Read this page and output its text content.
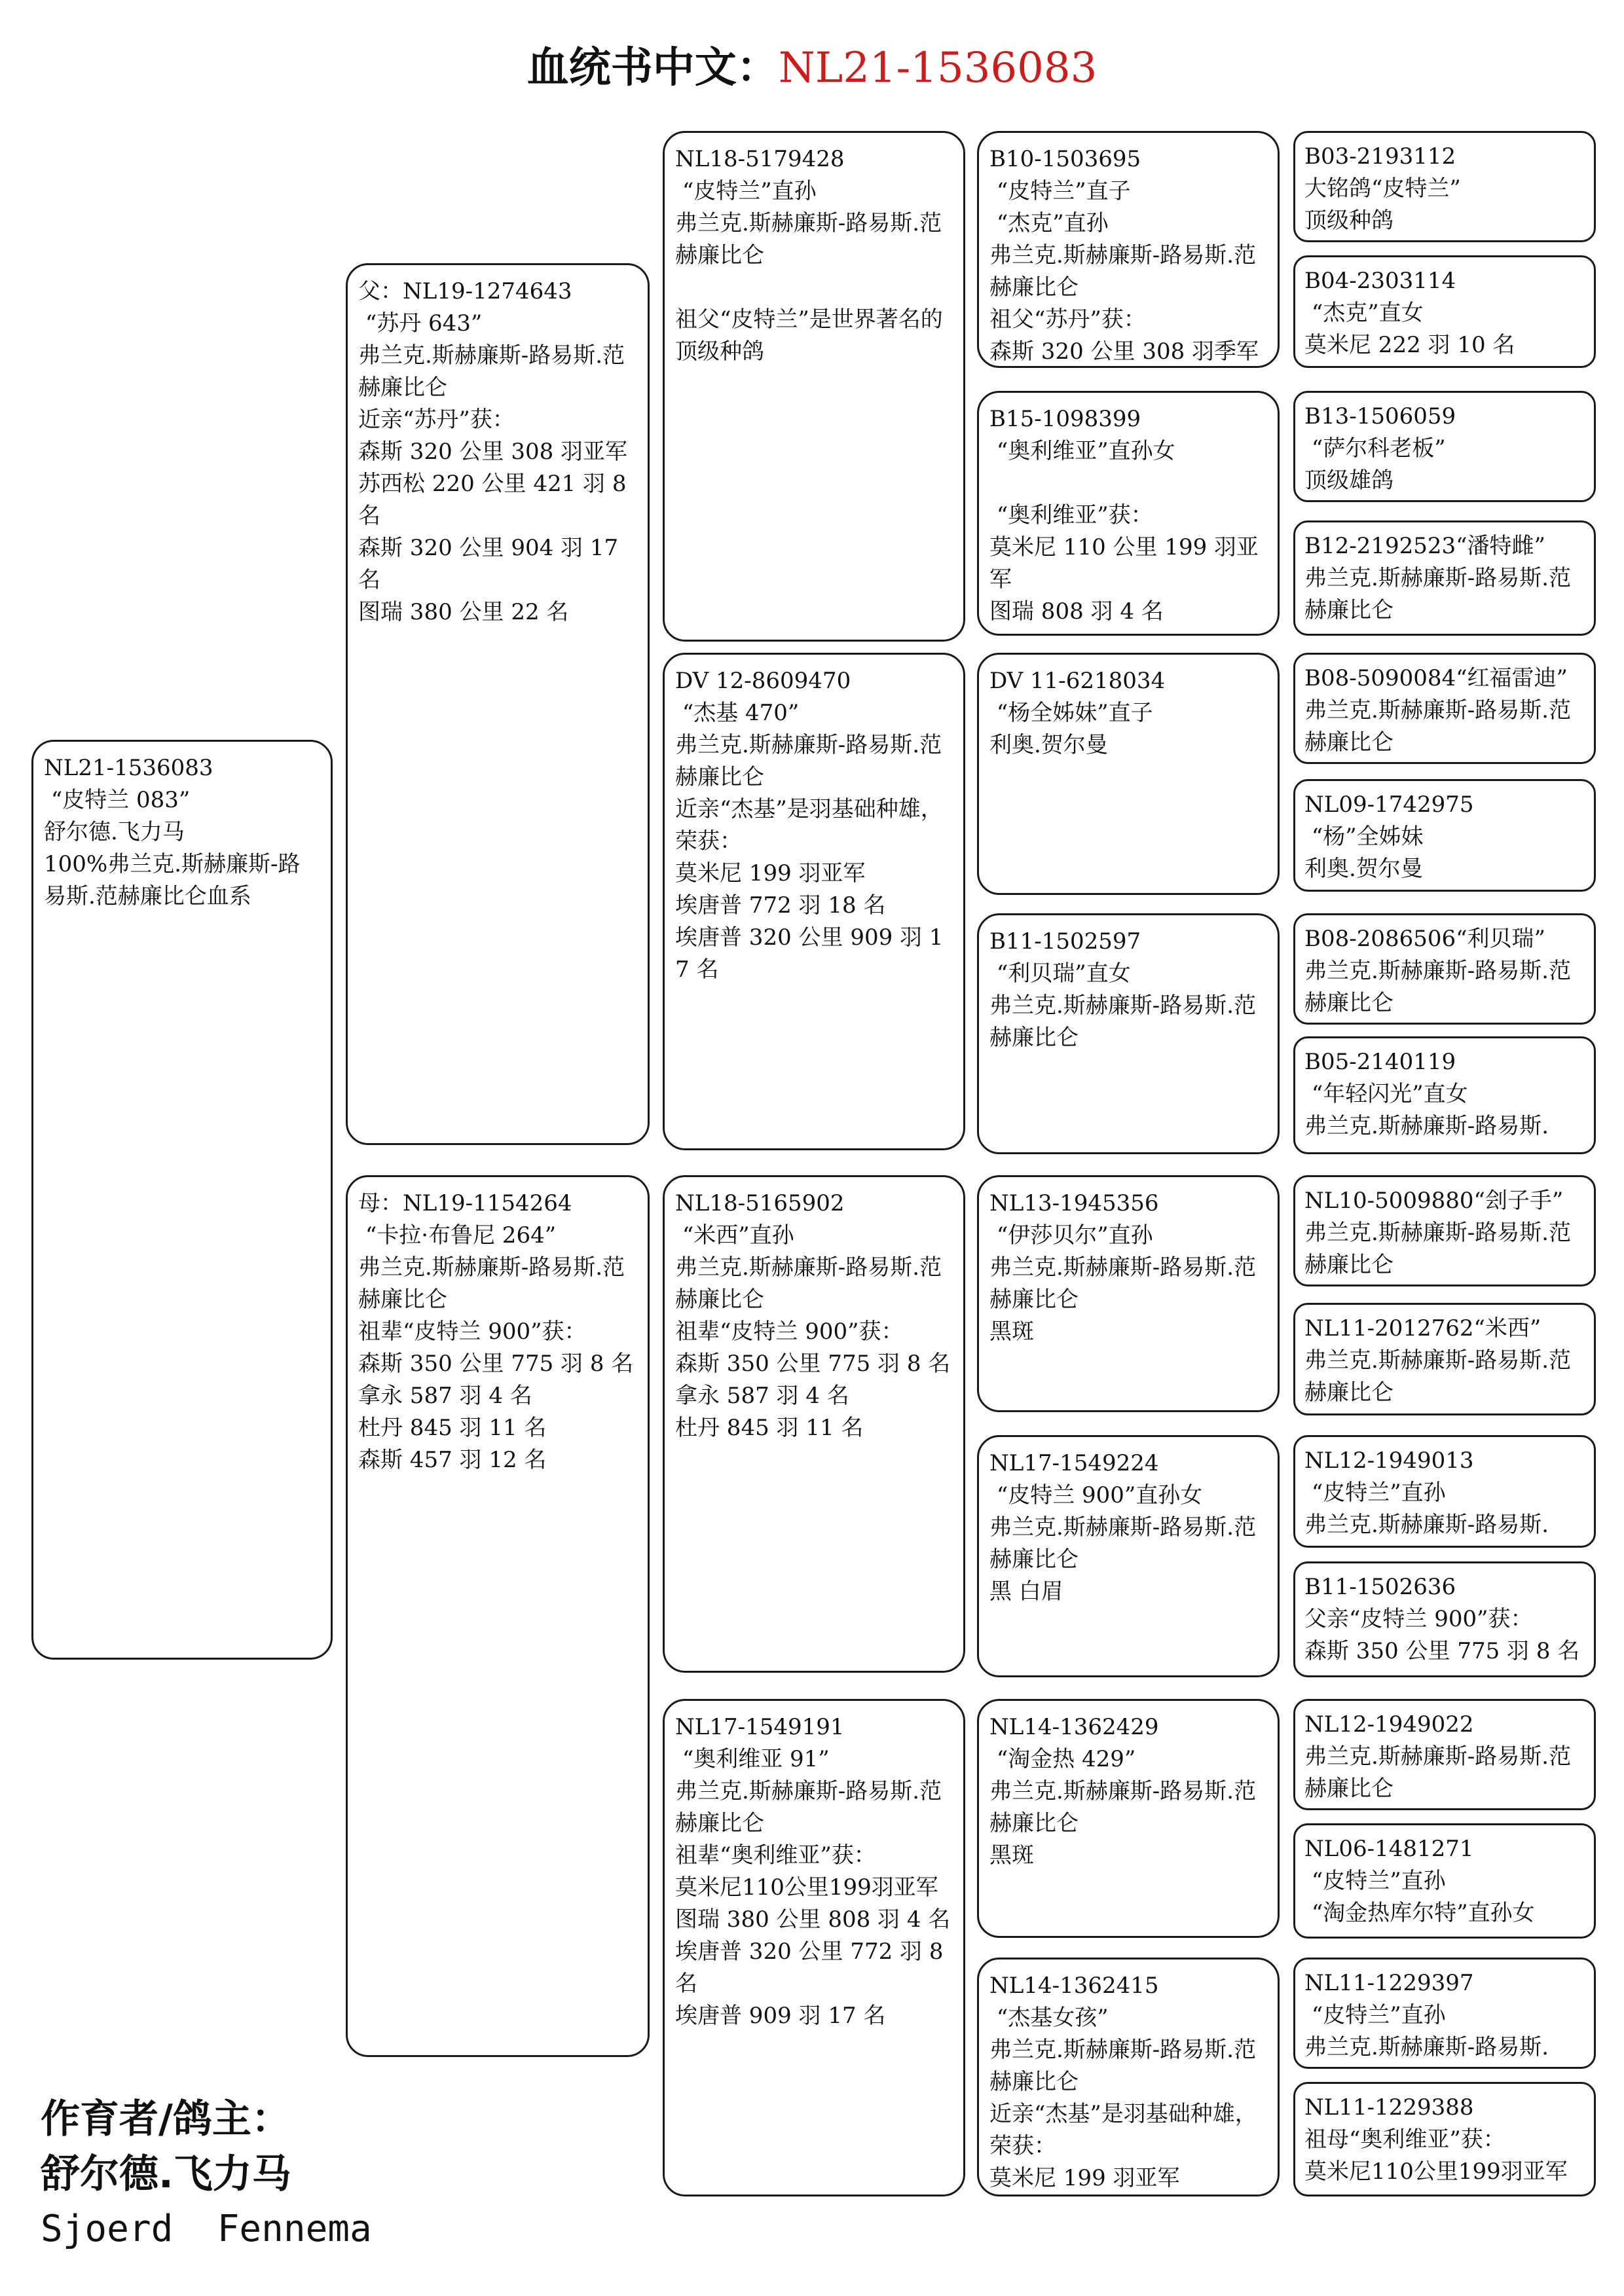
血统书中文：NL21-1536083
NL21-1536083
“皮特兰 083”
舒尔德.飞力马
100%弗兰克.斯赫廉斯-路易斯.范赫廉比仑血系
父：NL19-1274643
“苏丹 643”
弗兰克.斯赫廉斯-路易斯.范赫廉比仑
近亲“苏丹”获：
森斯 320 公里 308 羽亚军
苏西松 220 公里 421 羽 8 名
森斯 320 公里 904 羽 17 名
图瑞 380 公里 22 名
母：NL19-1154264
“卡拉·布鲁尼 264”
弗兰克.斯赫廉斯-路易斯.范赫廉比仑
祖辈“皮特兰 900”获：
森斯 350 公里 775 羽 8 名
拿永 587 羽 4 名
杜丹 845 羽 11 名
森斯 457 羽 12 名
NL18-5179428
“皮特兰”直孙
弗兰克.斯赫廉斯-路易斯.范赫廉比仑

祖父“皮特兰”是世界著名的顶级种鸽
DV 12-8609470
“杰基 470”
弗兰克.斯赫廉斯-路易斯.范赫廉比仑
近亲“杰基”是羽基础种雄，荣获：
莫米尼 199 羽亚军
埃唐普 772 羽 18 名
埃唐普 320 公里 909 羽 17 名
NL18-5165902
“米西”直孙
弗兰克.斯赫廉斯-路易斯.范赫廉比仑
祖辈“皮特兰 900”获：
森斯 350 公里 775 羽 8 名
拿永 587 羽 4 名
杜丹 845 羽 11 名
NL17-1549191
“奥利维亚 91”
弗兰克.斯赫廉斯-路易斯.范赫廉比仑
祖辈“奥利维亚”获：
莫米尼110公里199羽亚军
图瑞 380 公里 808 羽 4 名
埃唐普 320 公里 772 羽 8 名
埃唐普 909 羽 17 名
B10-1503695
“皮特兰”直子
“杰克”直孙
弗兰克.斯赫廉斯-路易斯.范赫廉比仑
祖父“苏丹”获：
森斯 320 公里 308 羽季军
B15-1098399
“奥利维亚”直孙女

“奥利维亚”获：
莫米尼 110 公里 199 羽亚军
图瑞 808 羽 4 名
DV 11-6218034
“杨全姊妹”直子
利奥.贺尔曼
B11-1502597
“利贝瑞”直女
弗兰克.斯赫廉斯-路易斯.范赫廉比仑
NL13-1945356
“伊莎贝尔”直孙
弗兰克.斯赫廉斯-路易斯.范赫廉比仑
黑斑
NL17-1549224
“皮特兰 900”直孙女
弗兰克.斯赫廉斯-路易斯.范赫廉比仑
黑 白眉
NL14-1362429
“淘金热 429”
弗兰克.斯赫廉斯-路易斯.范赫廉比仑
黑斑
NL14-1362415
“杰基女孩”
弗兰克.斯赫廉斯-路易斯.范赫廉比仑
近亲“杰基”是羽基础种雄，荣获：
莫米尼 199 羽亚军
B03-2193112
大铭鸽“皮特兰”
顶级种鸽
B04-2303114
“杰克”直女
莫米尼 222 羽 10 名
B13-1506059
“萨尔科老板”
顶级雄鸽
B12-2192523“潘特雌”
弗兰克.斯赫廉斯-路易斯.范赫廉比仑
B08-5090084“红福雷迪”
弗兰克.斯赫廉斯-路易斯.范赫廉比仑
NL09-1742975
“杨”全姊妹
利奥.贺尔曼
B08-2086506“利贝瑞”
弗兰克.斯赫廉斯-路易斯.范赫廉比仑
B05-2140119
“年轻闪光”直女
弗兰克.斯赫廉斯-路易斯.
NL10-5009880“刽子手”
弗兰克.斯赫廉斯-路易斯.范赫廉比仑
NL11-2012762“米西”
弗兰克.斯赫廉斯-路易斯.范赫廉比仑
NL12-1949013
“皮特兰”直孙
弗兰克.斯赫廉斯-路易斯.
B11-1502636
父亲“皮特兰 900”获：
森斯 350 公里 775 羽 8 名
NL12-1949022
弗兰克.斯赫廉斯-路易斯.范赫廉比仑
NL06-1481271
“皮特兰”直孙
“淘金热库尔特”直孙女
NL11-1229397
“皮特兰”直孙
弗兰克.斯赫廉斯-路易斯.
NL11-1229388
祖母“奥利维亚”获：
莫米尼110公里199羽亚军
作育者/鸽主：
舒尔德.飞力马
Sjoerd  Fennema
